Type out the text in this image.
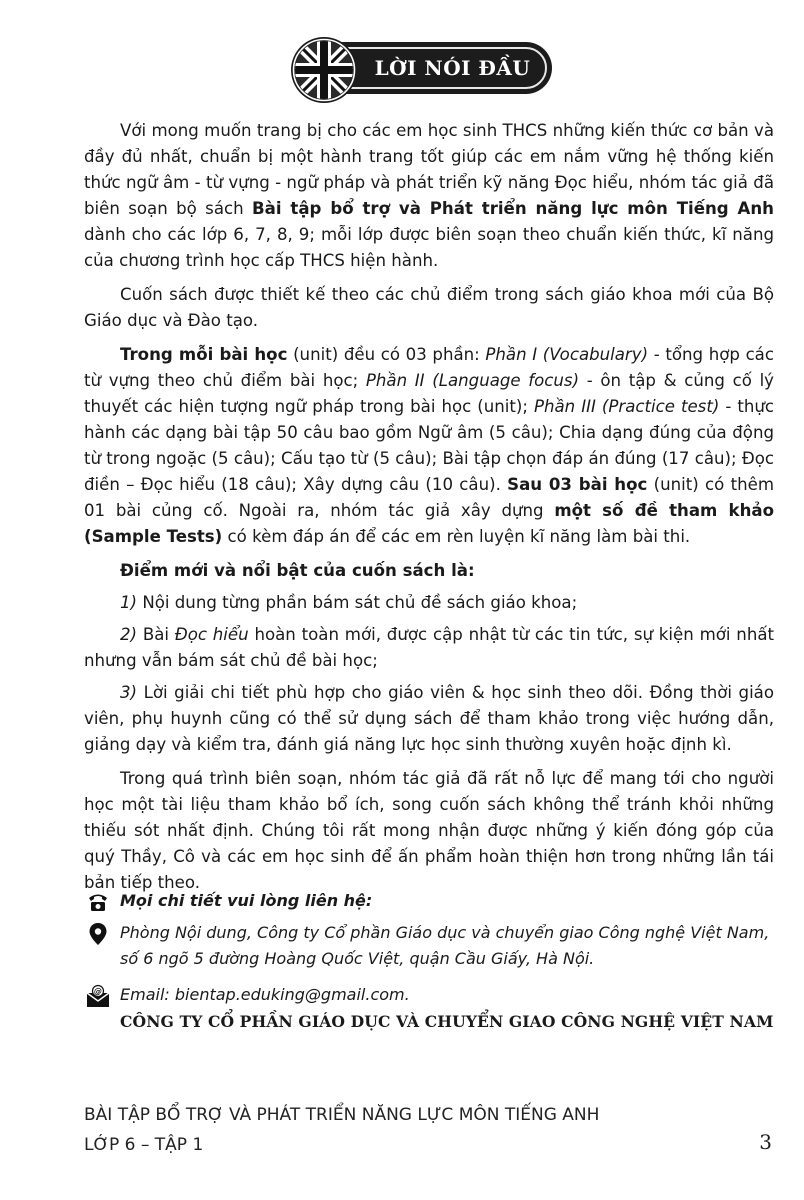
LỜI NÓI ĐẦU

Với mong muốn trang bị cho các em học sinh THCS những kiến thức cơ bản và đầy đủ nhất, chuẩn bị một hành trang tốt giúp các em nắm vững hệ thống kiến thức ngữ âm - từ vựng - ngữ pháp và phát triển kỹ năng Đọc hiểu, nhóm tác giả đã biên soạn bộ sách Bài tập bổ trợ và Phát triển năng lực môn Tiếng Anh dành cho các lớp 6, 7, 8, 9; mỗi lớp được biên soạn theo chuẩn kiến thức, kĩ năng của chương trình học cấp THCS hiện hành.

Cuốn sách được thiết kế theo các chủ điểm trong sách giáo khoa mới của Bộ Giáo dục và Đào tạo.

Trong mỗi bài học (unit) đều có 03 phần: Phần I (Vocabulary) - tổng hợp các từ vựng theo chủ điểm bài học; Phần II (Language focus) - ôn tập & củng cố lý thuyết các hiện tượng ngữ pháp trong bài học (unit); Phần III (Practice test) - thực hành các dạng bài tập 50 câu bao gồm Ngữ âm (5 câu); Chia dạng đúng của động từ trong ngoặc (5 câu); Cấu tạo từ (5 câu); Bài tập chọn đáp án đúng (17 câu); Đọc điền – Đọc hiểu (18 câu); Xây dựng câu (10 câu). Sau 03 bài học (unit) có thêm 01 bài củng cố. Ngoài ra, nhóm tác giả xây dựng một số đề tham khảo (Sample Tests) có kèm đáp án để các em rèn luyện kĩ năng làm bài thi.

Điểm mới và nổi bật của cuốn sách là:

1) Nội dung từng phần bám sát chủ đề sách giáo khoa;

2) Bài Đọc hiểu hoàn toàn mới, được cập nhật từ các tin tức, sự kiện mới nhất nhưng vẫn bám sát chủ đề bài học;

3) Lời giải chi tiết phù hợp cho giáo viên & học sinh theo dõi. Đồng thời giáo viên, phụ huynh cũng có thể sử dụng sách để tham khảo trong việc hướng dẫn, giảng dạy và kiểm tra, đánh giá năng lực học sinh thường xuyên hoặc định kì.

Trong quá trình biên soạn, nhóm tác giả đã rất nỗ lực để mang tới cho người học một tài liệu tham khảo bổ ích, song cuốn sách không thể tránh khỏi những thiếu sót nhất định. Chúng tôi rất mong nhận được những ý kiến đóng góp của quý Thầy, Cô và các em học sinh để ấn phẩm hoàn thiện hơn trong những lần tái bản tiếp theo.

Mọi chi tiết vui lòng liên hệ:
Phòng Nội dung, Công ty Cổ phần Giáo dục và chuyển giao Công nghệ Việt Nam, số 6 ngõ 5 đường Hoàng Quốc Việt, quận Cầu Giấy, Hà Nội.
@ Email: bientap.eduking@gmail.com.
CÔNG TY CỔ PHẦN GIÁO DỤC VÀ CHUYỂN GIAO CÔNG NGHỆ VIỆT NAM
BÀI TẬP BỔ TRỢ VÀ PHÁT TRIỂN NĂNG LỰC MÔN TIẾNG ANH LỚP 6 – TẬP 1	3
